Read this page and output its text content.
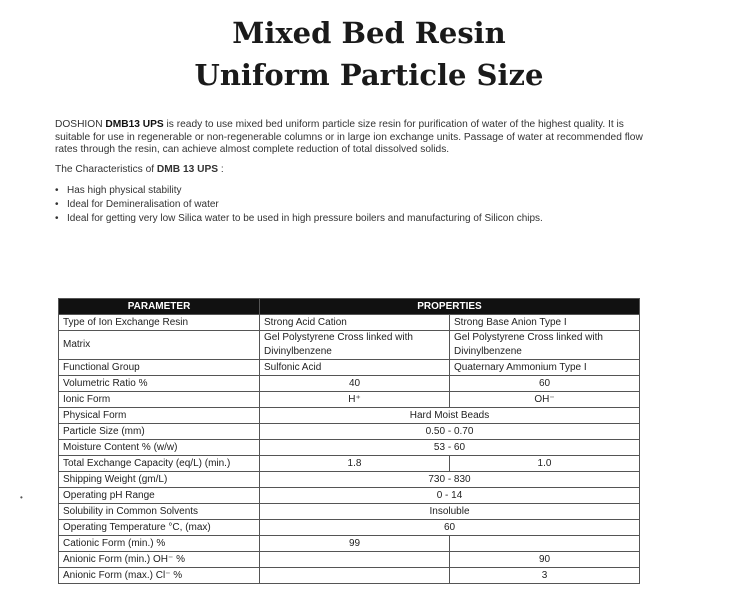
Mixed Bed Resin
Uniform Particle Size
DOSHION DMB13 UPS is ready to use mixed bed uniform particle size resin for purification of water of the highest quality. It is suitable for use in regenerable or non-regenerable columns or in large ion exchange units. Passage of water at recommended flow rates through the resin, can achieve almost complete reduction of total dissolved solids.
The Characteristics of DMB 13 UPS :
• Has high physical stability
• Ideal for Demineralisation of water
• Ideal for getting very low Silica water to be used in high pressure boilers and manufacturing of Silicon chips.
•
PARAMETER	PROPERTIES	
Type of Ion Exchange Resin	Strong Acid Cation	Strong Base Anion Type I
Matrix	Gel Polystyrene Cross linked with Divinylbenzene	Gel Polystyrene Cross linked with Divinylbenzene
Functional Group	Sulfonic Acid	Quaternary Ammonium Type I
Volumetric Ratio %	40	60
Ionic Form	H⁺	OH⁻
Physical Form	Hard Moist Beads	
Particle Size (mm)	0.50 - 0.70	
Moisture Content % (w/w)	53 - 60	
Total Exchange Capacity (eq/L) (min.)	1.8	1.0
Shipping Weight (gm/L)	730 - 830	
Operating pH Range	0 - 14	
Solubility in Common Solvents	Insoluble	
Operating Temperature °C, (max)	60	
Cationic Form (min.) %	99	
Anionic Form (min.) OH⁻ %		90
Anionic Form (max.) Cl⁻ %		3
